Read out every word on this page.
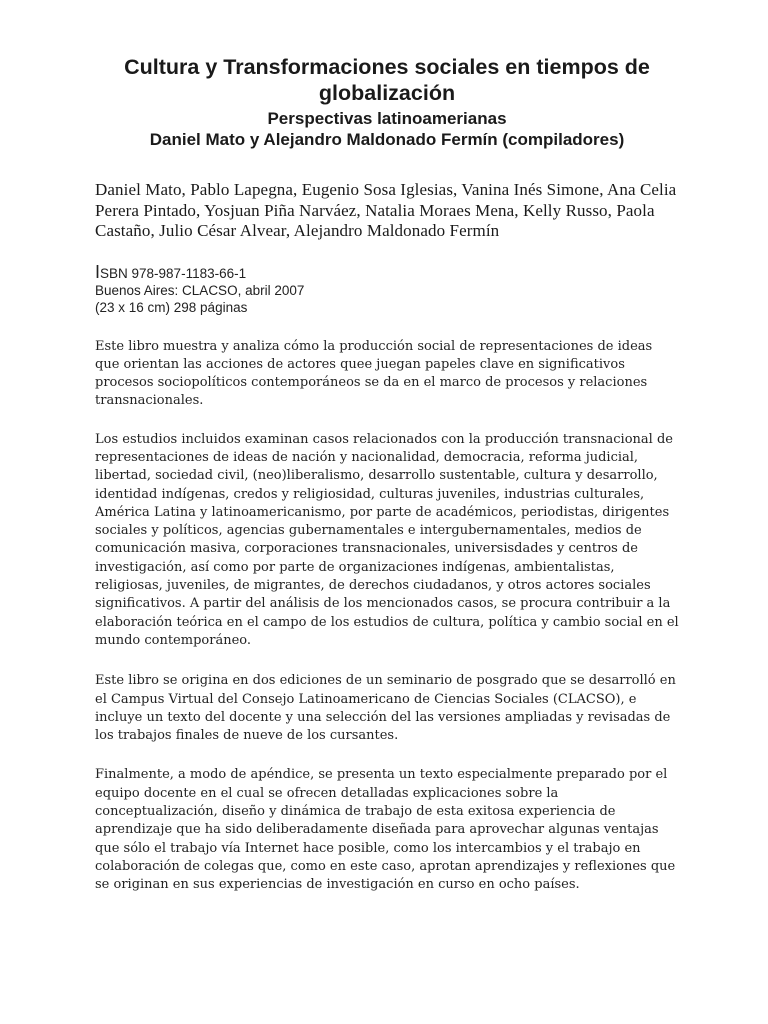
Cultura y Transformaciones sociales en tiempos de globalización
Perspectivas latinoamerianas
Daniel Mato y Alejandro Maldonado Fermín (compiladores)
Daniel Mato, Pablo Lapegna, Eugenio Sosa Iglesias, Vanina Inés Simone, Ana Celia Perera Pintado, Yosjuan Piña Narváez, Natalia Moraes Mena, Kelly Russo, Paola Castaño, Julio César Alvear, Alejandro Maldonado Fermín
ISBN 978-987-1183-66-1
Buenos Aires: CLACSO, abril 2007
(23 x 16 cm) 298 páginas

Este libro muestra y analiza cómo la producción social de representaciones de ideas que orientan las acciones de actores quee juegan papeles clave en significativos procesos sociopolíticos contemporáneos se da en el marco de procesos y relaciones transnacionales.

Los estudios incluidos examinan casos relacionados con la producción transnacional de representaciones de ideas de nación y nacionalidad, democracia, reforma judicial, libertad, sociedad civil, (neo)liberalismo, desarrollo sustentable, cultura y desarrollo, identidad indígenas, credos y religiosidad, culturas juveniles, industrias culturales, América Latina y latinoamericanismo, por parte de académicos, periodistas, dirigentes sociales y políticos, agencias gubernamentales e intergubernamentales, medios de comunicación masiva, corporaciones transnacionales, universisdades y centros de investigación, así como por parte de organizaciones indígenas, ambientalistas, religiosas, juveniles, de migrantes, de derechos ciudadanos, y otros actores sociales significativos. A partir del análisis de los mencionados casos, se procura contribuir a la elaboración teórica en el campo de los estudios de cultura, política y cambio social en el mundo contemporáneo.

Este libro se origina en dos ediciones de un seminario de posgrado que se desarrolló en el Campus Virtual del Consejo Latinoamericano de Ciencias Sociales (CLACSO), e incluye un texto del docente y una selección del las versiones ampliadas y revisadas de los trabajos finales de nueve de los cursantes.

Finalmente, a modo de apéndice, se presenta un texto especialmente preparado por el equipo docente en el cual se ofrecen detalladas explicaciones sobre la conceptualización, diseño y dinámica de trabajo de esta exitosa experiencia de aprendizaje que ha sido deliberadamente diseñada para aprovechar algunas ventajas que sólo el trabajo vía Internet hace posible, como los intercambios y el trabajo en colaboración de colegas que, como en este caso, aprotan aprendizajes y reflexiones que se originan en sus experiencias de investigación en curso en ocho países.
